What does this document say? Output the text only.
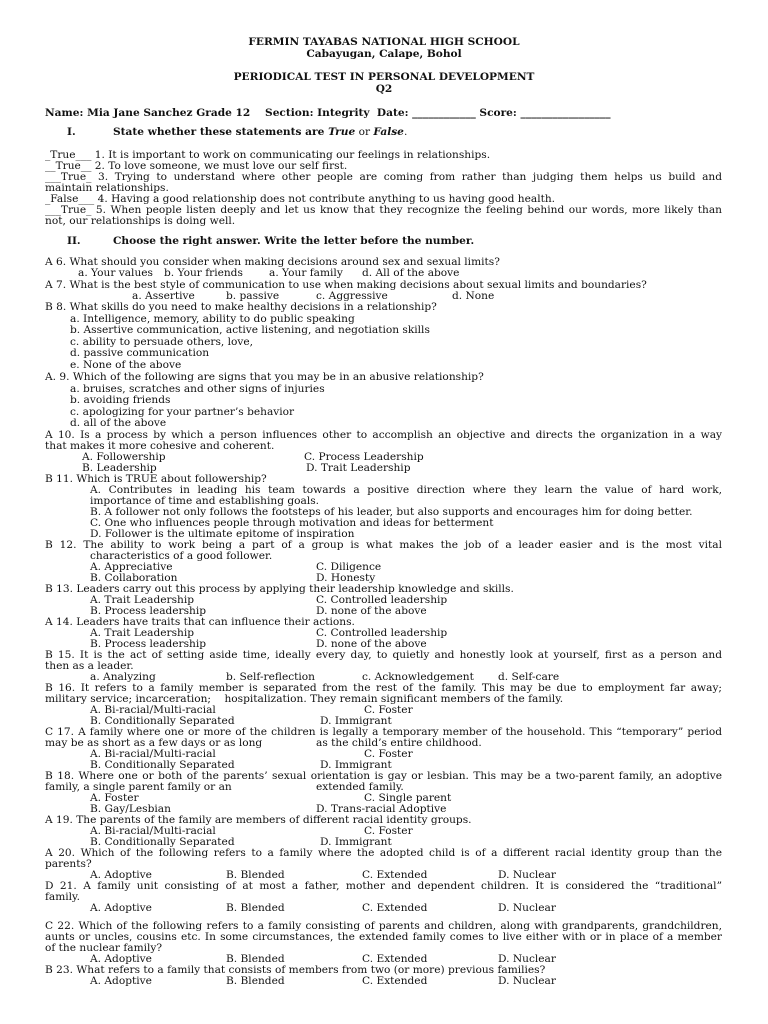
FERMIN TAYABAS NATIONAL HIGH SCHOOL
Cabayugan, Calape, Bohol
PERIODICAL TEST IN PERSONAL DEVELOPMENT
Q2
Name: Mia Jane Sanchez Grade 12    Section: Integrity  Date: ____________ Score: _________________
I.	State whether these statements are True or False.
_True___ 1. It is important to work on communicating our feelings in relationships.
__True__ 2. To love someone, we must love our self first.
___True_ 3. Trying to understand where other people are coming from rather than judging them helps us build and
maintain relationships.
_False___ 4. Having a good relationship does not contribute anything to us having good health.
___True_ 5. When people listen deeply and let us know that they recognize the feeling behind our words, more likely than
not, our relationships is doing well.
II.	Choose the right answer. Write the letter before the number.
A 6. What should you consider when making decisions around sex and sexual limits?
a. Your values b. Your friends a. Your family d. All of the above
A 7. What is the best style of communication to use when making decisions about sexual limits and boundaries?
a. Assertive	b. passive	c. Aggressive	d. None
B 8. What skills do you need to make healthy decisions in a relationship?
a. Intelligence, memory, ability to do public speaking
b. Assertive communication, active listening, and negotiation skills
c. ability to persuade others, love,
d. passive communication
e. None of the above
A. 9. Which of the following are signs that you may be in an abusive relationship?
a. bruises, scratches and other signs of injuries
b. avoiding friends
c. apologizing for your partner’s behavior
d. all of the above
A 10. Is a process by which a person influences other to accomplish an objective and directs the organization in a way
that makes it more cohesive and coherent.
A. Followership	C. Process Leadership
B. Leadership	D. Trait Leadership
B 11. Which is TRUE about followership?
A. Contributes in leading his team towards a positive direction where they learn the value of hard work,
importance of time and establishing goals.
B. A follower not only follows the footsteps of his leader, but also supports and encourages him for doing better.
C. One who influences people through motivation and ideas for betterment
D. Follower is the ultimate epitome of inspiration
B 12. The ability to work being a part of a group is what makes the job of a leader easier and is the most vital
characteristics of a good follower.
A. Appreciative	C. Diligence
B. Collaboration	D. Honesty
B 13. Leaders carry out this process by applying their leadership knowledge and skills.
A. Trait Leadership	C. Controlled leadership
B. Process leadership	D. none of the above
A 14. Leaders have traits that can influence their actions.
A. Trait Leadership	C. Controlled leadership
B. Process leadership	D. none of the above
B 15. It is the act of setting aside time, ideally every day, to quietly and honestly look at yourself, first as a person and
then as a leader.
a. Analyzing	b. Self-reflection	c. Acknowledgement d. Self-care
B 16. It refers to a family member is separated from the rest of the family. This may be due to employment far away;
military service; incarceration;    hospitalization. They remain significant members of the family.
A. Bi-racial/Multi-racial	C. Foster
B. Conditionally Separated	D. Immigrant
C 17. A family where one or more of the children is legally a temporary member of the household. This “temporary” period
may be as short as a few days or as long	as the child’s entire childhood.
A. Bi-racial/Multi-racial	C. Foster
B. Conditionally Separated	D. Immigrant
B 18. Where one or both of the parents’ sexual orientation is gay or lesbian. This may be a two-parent family, an adoptive
family, a single parent family or an	extended family.
A. Foster	C. Single parent
B. Gay/Lesbian	D. Trans-racial Adoptive
A 19. The parents of the family are members of different racial identity groups.
A. Bi-racial/Multi-racial	C. Foster
B. Conditionally Separated	D. Immigrant
A 20. Which of the following refers to a family where the adopted child is of a different racial identity group than the
parents?
A. Adoptive	B. Blended	C. Extended	D. Nuclear
D 21. A family unit consisting of at most a father, mother and dependent children. It is considered the “traditional”
family.
A. Adoptive	B. Blended	C. Extended	D. Nuclear
C 22. Which of the following refers to a family consisting of parents and children, along with grandparents, grandchildren,
aunts or uncles, cousins etc. In some circumstances, the extended family comes to live either with or in place of a member
of the nuclear family?
A. Adoptive	B. Blended	C. Extended	D. Nuclear
B 23. What refers to a family that consists of members from two (or more) previous families?
A. Adoptive	B. Blended	C. Extended	D. Nuclear
